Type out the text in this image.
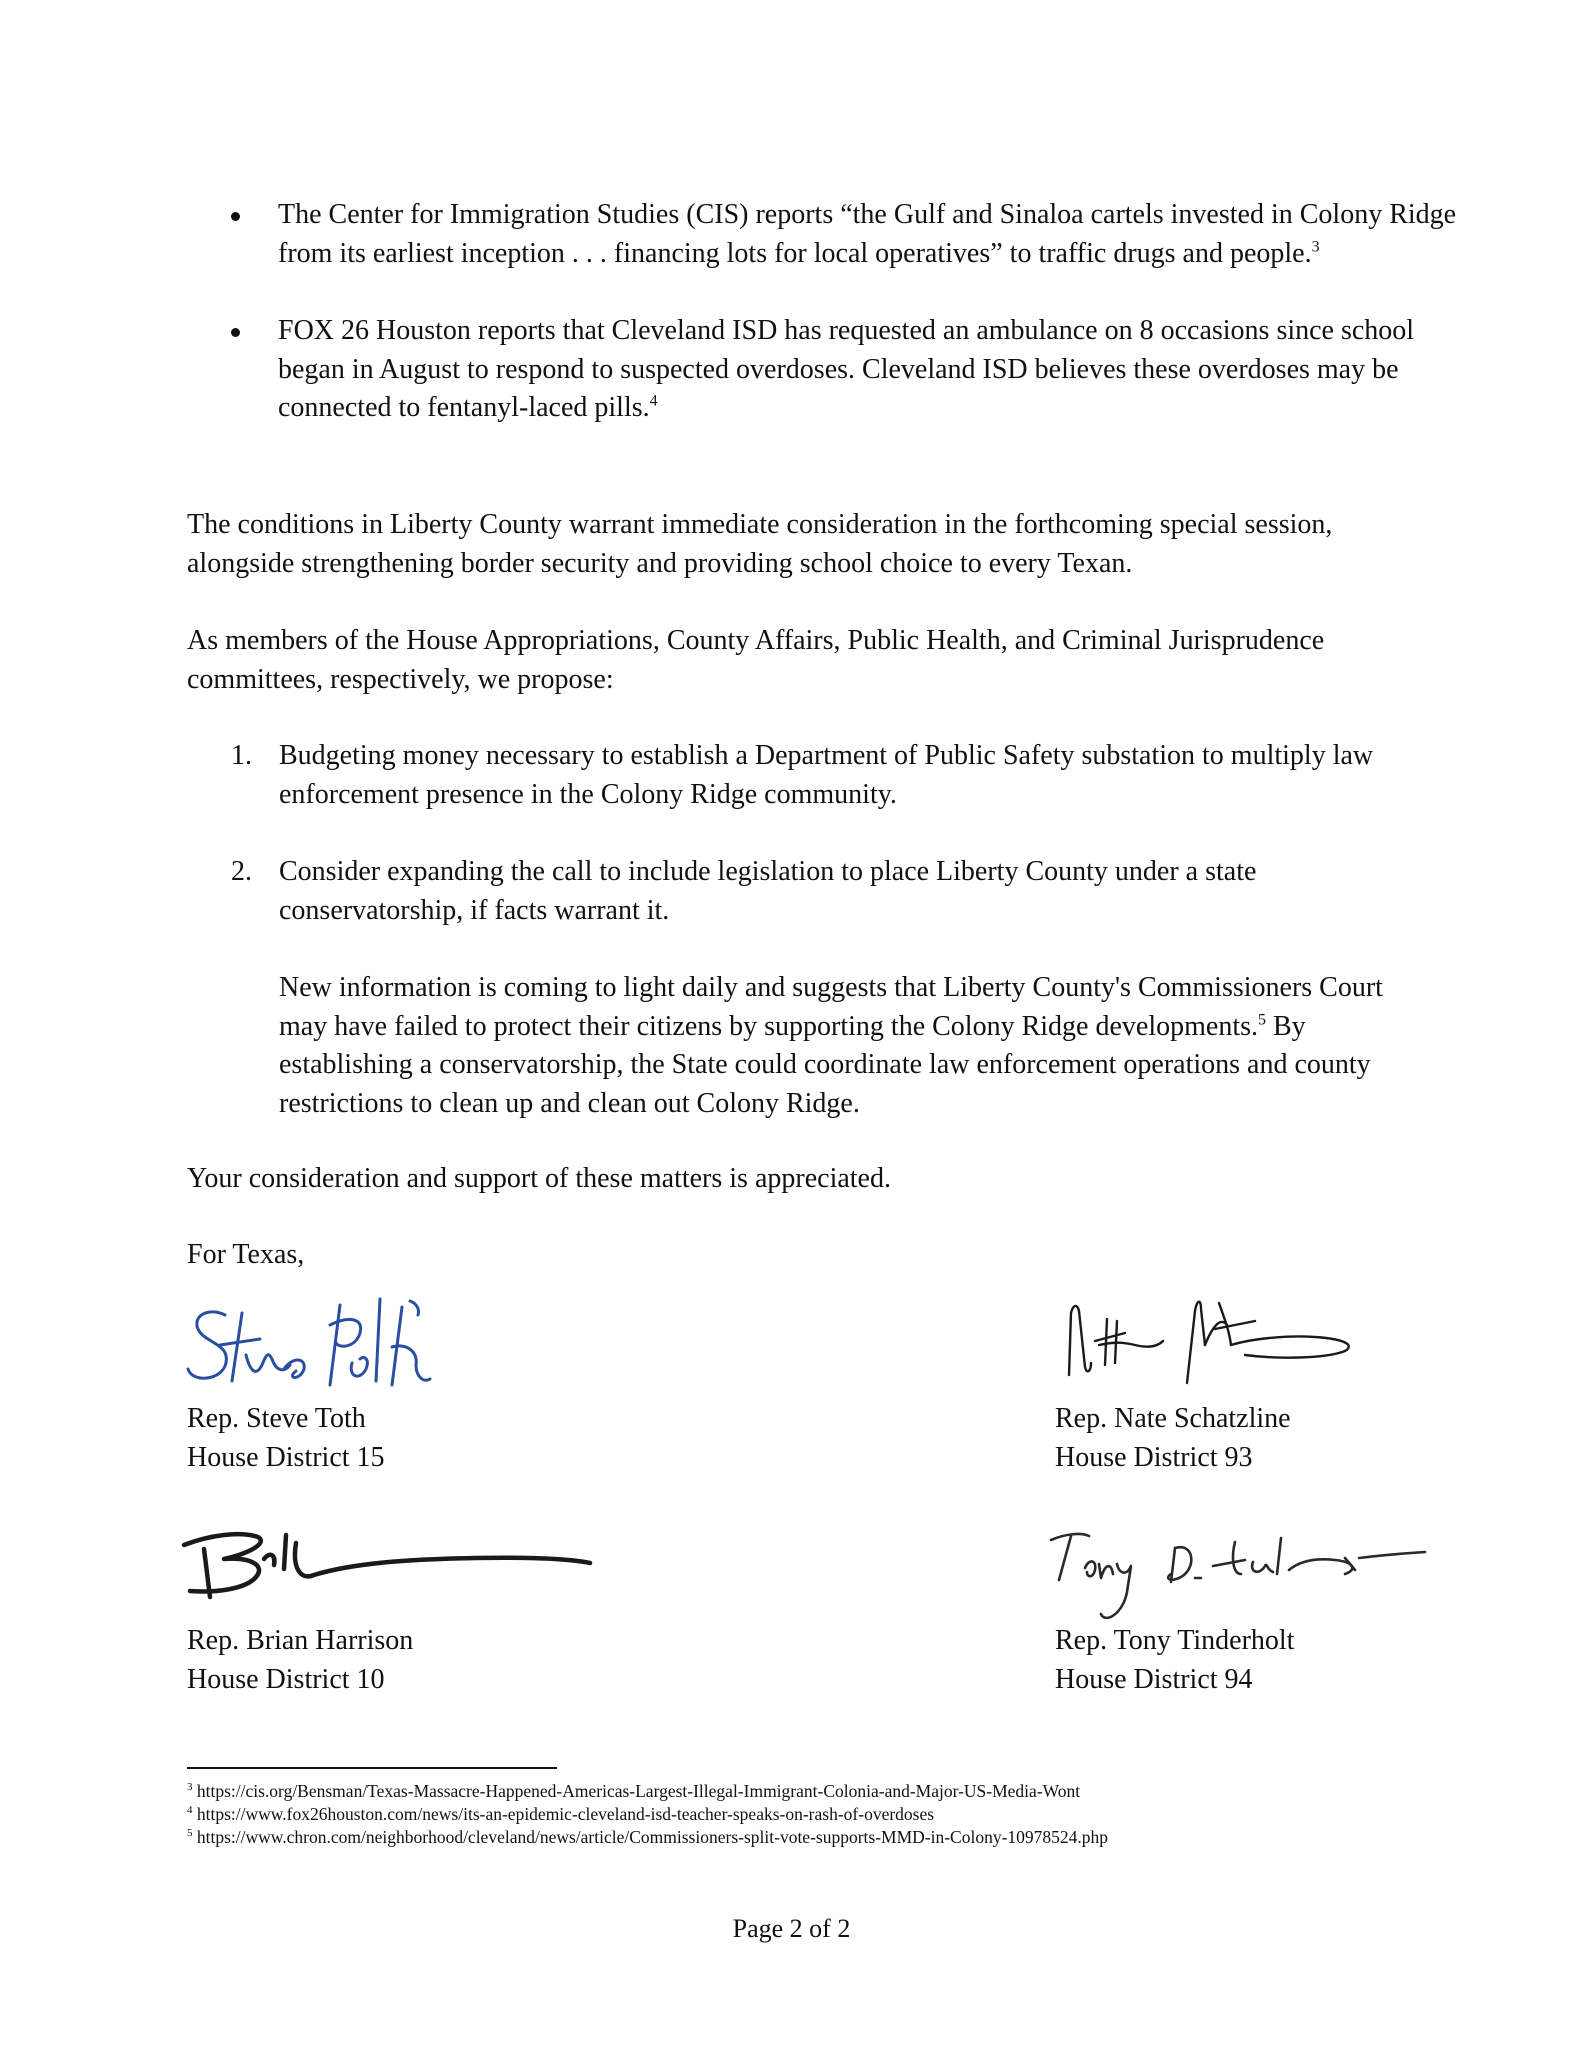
The Center for Immigration Studies (CIS) reports “the Gulf and Sinaloa cartels invested in Colony Ridge from its earliest inception . . . financing lots for local operatives” to traffic drugs and people.$^3$
FOX 26 Houston reports that Cleveland ISD has requested an ambulance on 8 occasions since school began in August to respond to suspected overdoses. Cleveland ISD believes these overdoses may be connected to fentanyl-laced pills.$^4$

The conditions in Liberty County warrant immediate consideration in the forthcoming special session, alongside strengthening border security and providing school choice to every Texan.

As members of the House Appropriations, County Affairs, Public Health, and Criminal Jurisprudence committees, respectively, we propose:

1. Budgeting money necessary to establish a Department of Public Safety substation to multiply law enforcement presence in the Colony Ridge community.
2. Consider expanding the call to include legislation to place Liberty County under a state conservatorship, if facts warrant it.
New information is coming to light daily and suggests that Liberty County's Commissioners Court may have failed to protect their citizens by supporting the Colony Ridge developments.$^5$ By establishing a conservatorship, the State could coordinate law enforcement operations and county restrictions to clean up and clean out Colony Ridge.

Your consideration and support of these matters is appreciated.

For Texas,

Rep. Steve Toth
House District 15
Rep. Nate Schatzline
House District 93
Rep. Brian Harrison
House District 10
Rep. Tony Tinderholt
House District 94
$^3$ https://cis.org/Bensman/Texas-Massacre-Happened-Americas-Largest-Illegal-Immigrant-Colonia-and-Major-US-Media-Wont
$^4$ https://www.fox26houston.com/news/its-an-epidemic-cleveland-isd-teacher-speaks-on-rash-of-overdoses
$^5$ https://www.chron.com/neighborhood/cleveland/news/article/Commissioners-split-vote-supports-MMD-in-Colony-10978524.php
Page 2 of 2
